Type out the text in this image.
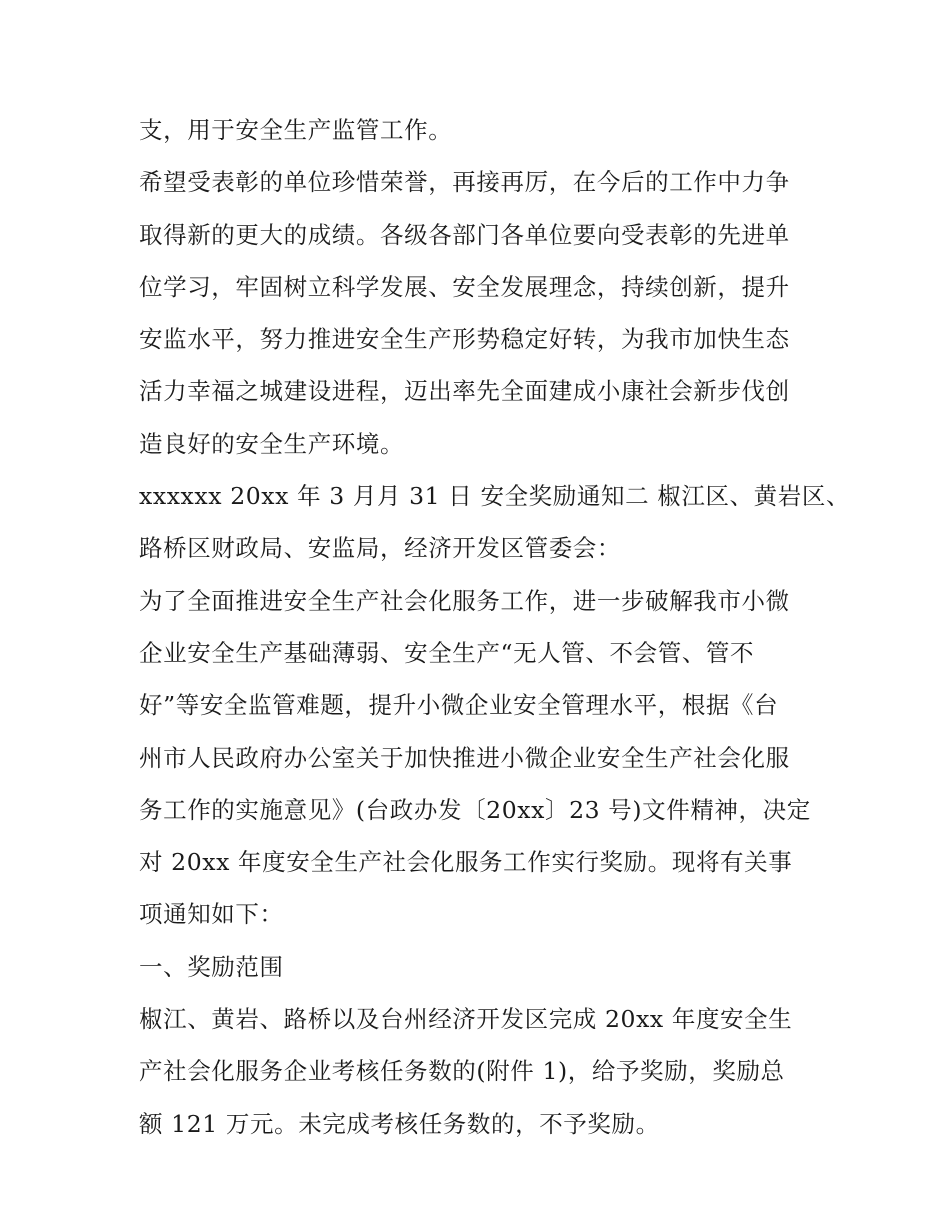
支，用于安全生产监管工作。
希望受表彰的单位珍惜荣誉，再接再厉，在今后的工作中力争
取得新的更大的成绩。各级各部门各单位要向受表彰的先进单
位学习，牢固树立科学发展、安全发展理念，持续创新，提升
安监水平，努力推进安全生产形势稳定好转，为我市加快生态
活力幸福之城建设进程，迈出率先全面建成小康社会新步伐创
造良好的安全生产环境。
xxxxxx 20xx 年 3 月月 31 日 安全奖励通知二 椒江区、黄岩区、
路桥区财政局、安监局，经济开发区管委会：
为了全面推进安全生产社会化服务工作，进一步破解我市小微
企业安全生产基础薄弱、安全生产“无人管、不会管、管不
好”等安全监管难题，提升小微企业安全管理水平，根据《台
州市人民政府办公室关于加快推进小微企业安全生产社会化服
务工作的实施意见》(台政办发〔20xx〕23 号)文件精神，决定
对 20xx 年度安全生产社会化服务工作实行奖励。现将有关事
项通知如下：
一、奖励范围
椒江、黄岩、路桥以及台州经济开发区完成 20xx 年度安全生
产社会化服务企业考核任务数的(附件 1)，给予奖励，奖励总
额 121 万元。未完成考核任务数的，不予奖励。
